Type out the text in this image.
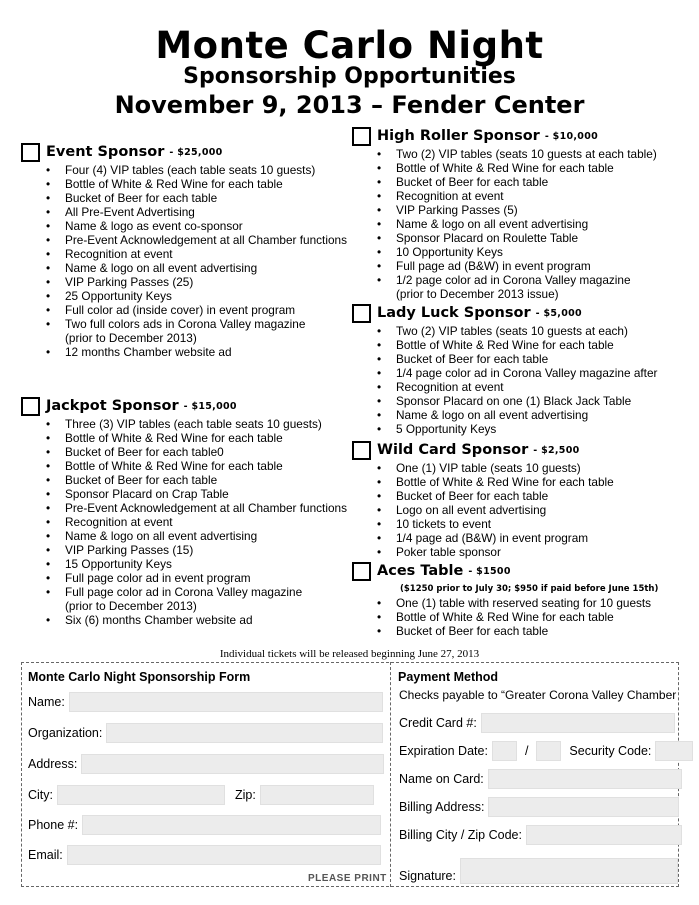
Monte Carlo Night
Sponsorship Opportunities
November 9, 2013 – Fender Center
Event Sponsor - $25,000
• Four (4) VIP tables (each table seats 10 guests)
• Bottle of White & Red Wine for each table
• Bucket of Beer for each table
• All Pre-Event Advertising
• Name & logo as event co-sponsor
• Pre-Event Acknowledgement at all Chamber functions
• Recognition at event
• Name & logo on all event advertising
• VIP Parking Passes (25)
• 25 Opportunity Keys
• Full color ad (inside cover) in event program
• Two full colors ads in Corona Valley magazine
(prior to December 2013)
• 12 months Chamber website ad
Jackpot Sponsor - $15,000
• Three (3) VIP tables (each table seats 10 guests)
• Bottle of White & Red Wine for each table
• Bucket of Beer for each table0
• Bottle of White & Red Wine for each table
• Bucket of Beer for each table
• Sponsor Placard on Crap Table
• Pre-Event Acknowledgement at all Chamber functions
• Recognition at event
• Name & logo on all event advertising
• VIP Parking Passes (15)
• 15 Opportunity Keys
• Full page color ad in event program
• Full page color ad in Corona Valley magazine
(prior to December 2013)
• Six (6) months Chamber website ad
High Roller Sponsor - $10,000
• Two (2) VIP tables (seats 10 guests at each table)
• Bottle of White & Red Wine for each table
• Bucket of Beer for each table
• Recognition at event
• VIP Parking Passes (5)
• Name & logo on all event advertising
• Sponsor Placard on Roulette Table
• 10 Opportunity Keys
• Full page ad (B&W) in event program
• 1/2 page color ad in Corona Valley magazine
(prior to December 2013 issue)
Lady Luck Sponsor - $5,000
• Two (2) VIP tables (seats 10 guests at each)
• Bottle of White & Red Wine for each table
• Bucket of Beer for each table
• 1/4 page color ad in Corona Valley magazine after
• Recognition at event
• Sponsor Placard on one (1) Black Jack Table
• Name & logo on all event advertising
• 5 Opportunity Keys
Wild Card Sponsor - $2,500
• One (1) VIP table (seats 10 guests)
• Bottle of White & Red Wine for each table
• Bucket of Beer for each table
• Logo on all event advertising
• 10 tickets to event
• 1/4 page ad (B&W) in event program
• Poker table sponsor
Aces Table - $1500
($1250 prior to July 30; $950 if paid before June 15th)
• One (1) table with reserved seating for 10 guests
• Bottle of White & Red Wine for each table
• Bucket of Beer for each table
Individual tickets will be released beginning June 27, 2013
Monte Carlo Night Sponsorship Form
Name:
Organization:
Address:
City:	Zip:
Phone #:
Email:
PLEASE PRINT
Payment Method
Checks payable to “Greater Corona Valley Chamber
Credit Card #:
Expiration Date:	/	Security Code:
Name on Card:
Billing Address:
Billing City / Zip Code:
Signature:
